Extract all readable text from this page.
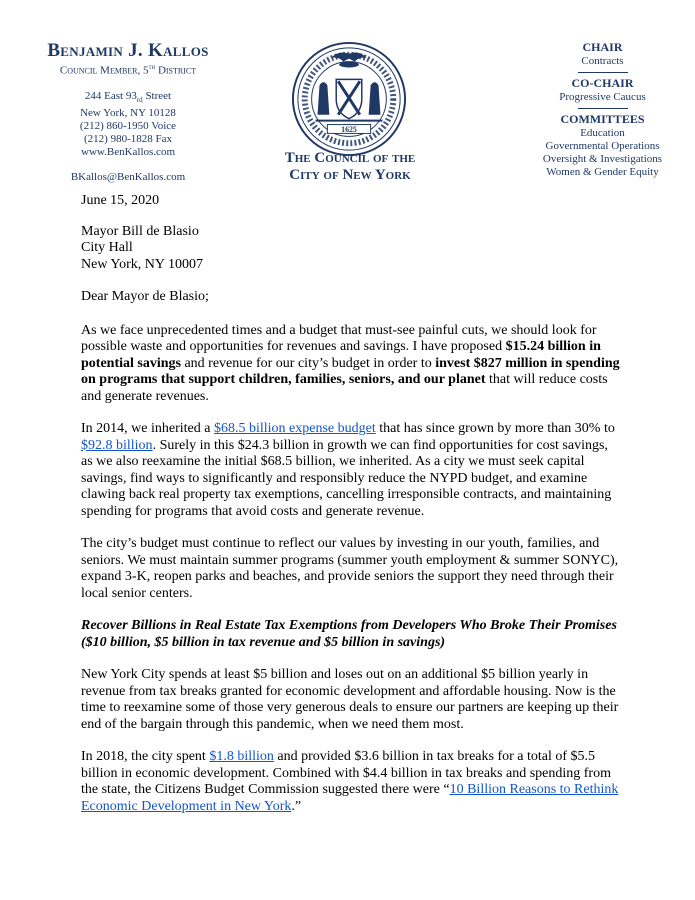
Benjamin J. Kallos
Council Member, 5th District
244 East $93_{rd}$ Street
New York, NY 10128
(212) 860-1950 Voice
(212) 980-1828 Fax
www.BenKallos.com
BKallos@BenKallos.com
1625
The Council of the
City of New York
CHAIR
Contracts
CO-CHAIR
Progressive Caucus
COMMITTEES
Education
Governmental Operations
Oversight & Investigations
Women & Gender Equity

June 15, 2020

Mayor Bill de Blasio
City Hall
New York, NY 10007

Dear Mayor de Blasio;

As we face unprecedented times and a budget that must-see painful cuts, we should look for possible waste and opportunities for revenues and savings. I have proposed $15.24 billion in potential savings and revenue for our city’s budget in order to invest $827 million in spending on programs that support children, families, seniors, and our planet that will reduce costs and generate revenues.

In 2014, we inherited a $68.5 billion expense budget that has since grown by more than 30% to $92.8 billion. Surely in this $24.3 billion in growth we can find opportunities for cost savings, as we also reexamine the initial $68.5 billion, we inherited. As a city we must seek capital savings, find ways to significantly and responsibly reduce the NYPD budget, and examine clawing back real property tax exemptions, cancelling irresponsible contracts, and maintaining spending for programs that avoid costs and generate revenue.

The city’s budget must continue to reflect our values by investing in our youth, families, and seniors. We must maintain summer programs (summer youth employment & summer SONYC), expand 3-K, reopen parks and beaches, and provide seniors the support they need through their local senior centers.

Recover Billions in Real Estate Tax Exemptions from Developers Who Broke Their Promises ($10 billion, $5 billion in tax revenue and $5 billion in savings)

New York City spends at least $5 billion and loses out on an additional $5 billion yearly in revenue from tax breaks granted for economic development and affordable housing. Now is the time to reexamine some of those very generous deals to ensure our partners are keeping up their end of the bargain through this pandemic, when we need them most.

In 2018, the city spent $1.8 billion and provided $3.6 billion in tax breaks for a total of $5.5 billion in economic development. Combined with $4.4 billion in tax breaks and spending from the state, the Citizens Budget Commission suggested there were “10 Billion Reasons to Rethink Economic Development in New York.”
